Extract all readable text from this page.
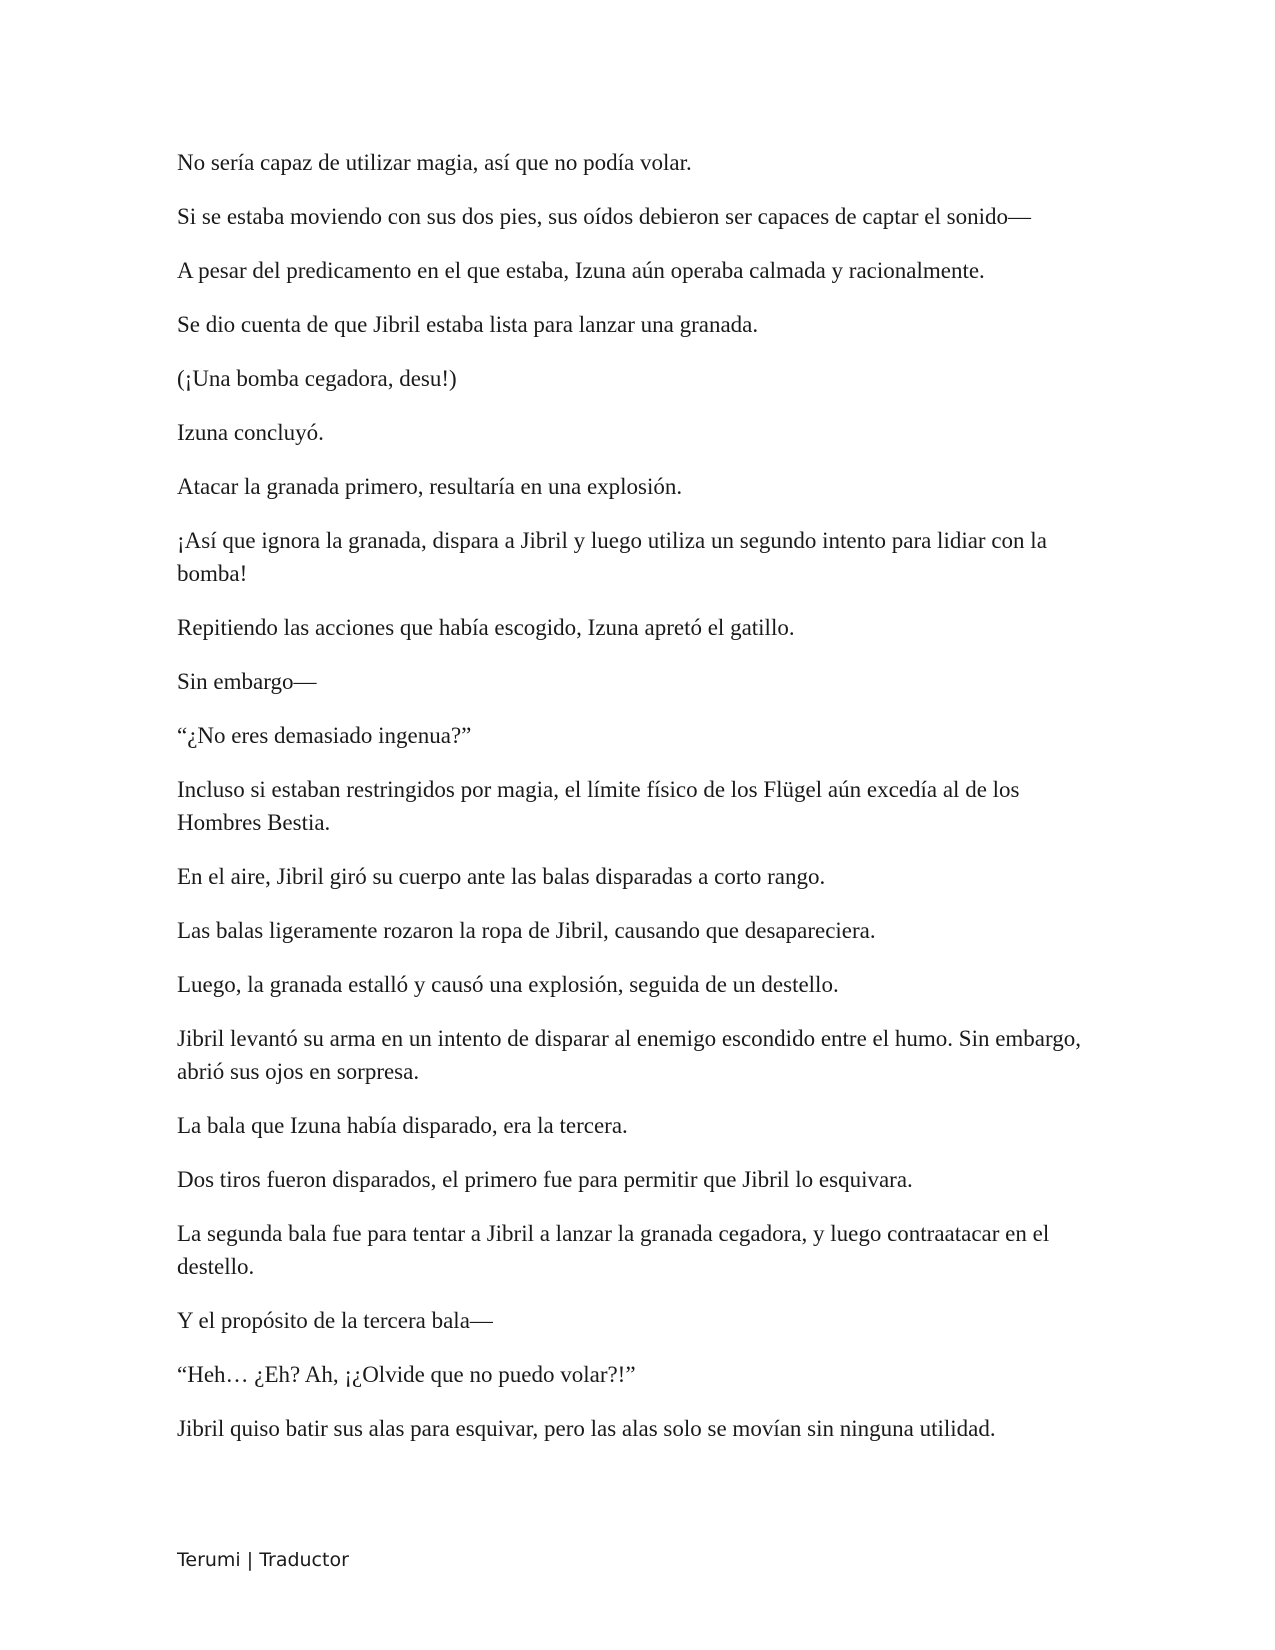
No sería capaz de utilizar magia, así que no podía volar.

Si se estaba moviendo con sus dos pies, sus oídos debieron ser capaces de captar el sonido—

A pesar del predicamento en el que estaba, Izuna aún operaba calmada y racionalmente.

Se dio cuenta de que Jibril estaba lista para lanzar una granada.

(¡Una bomba cegadora, desu!)

Izuna concluyó.

Atacar la granada primero, resultaría en una explosión.

¡Así que ignora la granada, dispara a Jibril y luego utiliza un segundo intento para lidiar con la bomba!

Repitiendo las acciones que había escogido, Izuna apretó el gatillo.

Sin embargo—

“¿No eres demasiado ingenua?”

Incluso si estaban restringidos por magia, el límite físico de los Flügel aún excedía al de los Hombres Bestia.

En el aire, Jibril giró su cuerpo ante las balas disparadas a corto rango.

Las balas ligeramente rozaron la ropa de Jibril, causando que desapareciera.

Luego, la granada estalló y causó una explosión, seguida de un destello.

Jibril levantó su arma en un intento de disparar al enemigo escondido entre el humo. Sin embargo, abrió sus ojos en sorpresa.

La bala que Izuna había disparado, era la tercera.

Dos tiros fueron disparados, el primero fue para permitir que Jibril lo esquivara.

La segunda bala fue para tentar a Jibril a lanzar la granada cegadora, y luego contraatacar en el destello.

Y el propósito de la tercera bala—

“Heh… ¿Eh? Ah, ¡¿Olvide que no puedo volar?!”

Jibril quiso batir sus alas para esquivar, pero las alas solo se movían sin ninguna utilidad.

Terumi | Traductor
